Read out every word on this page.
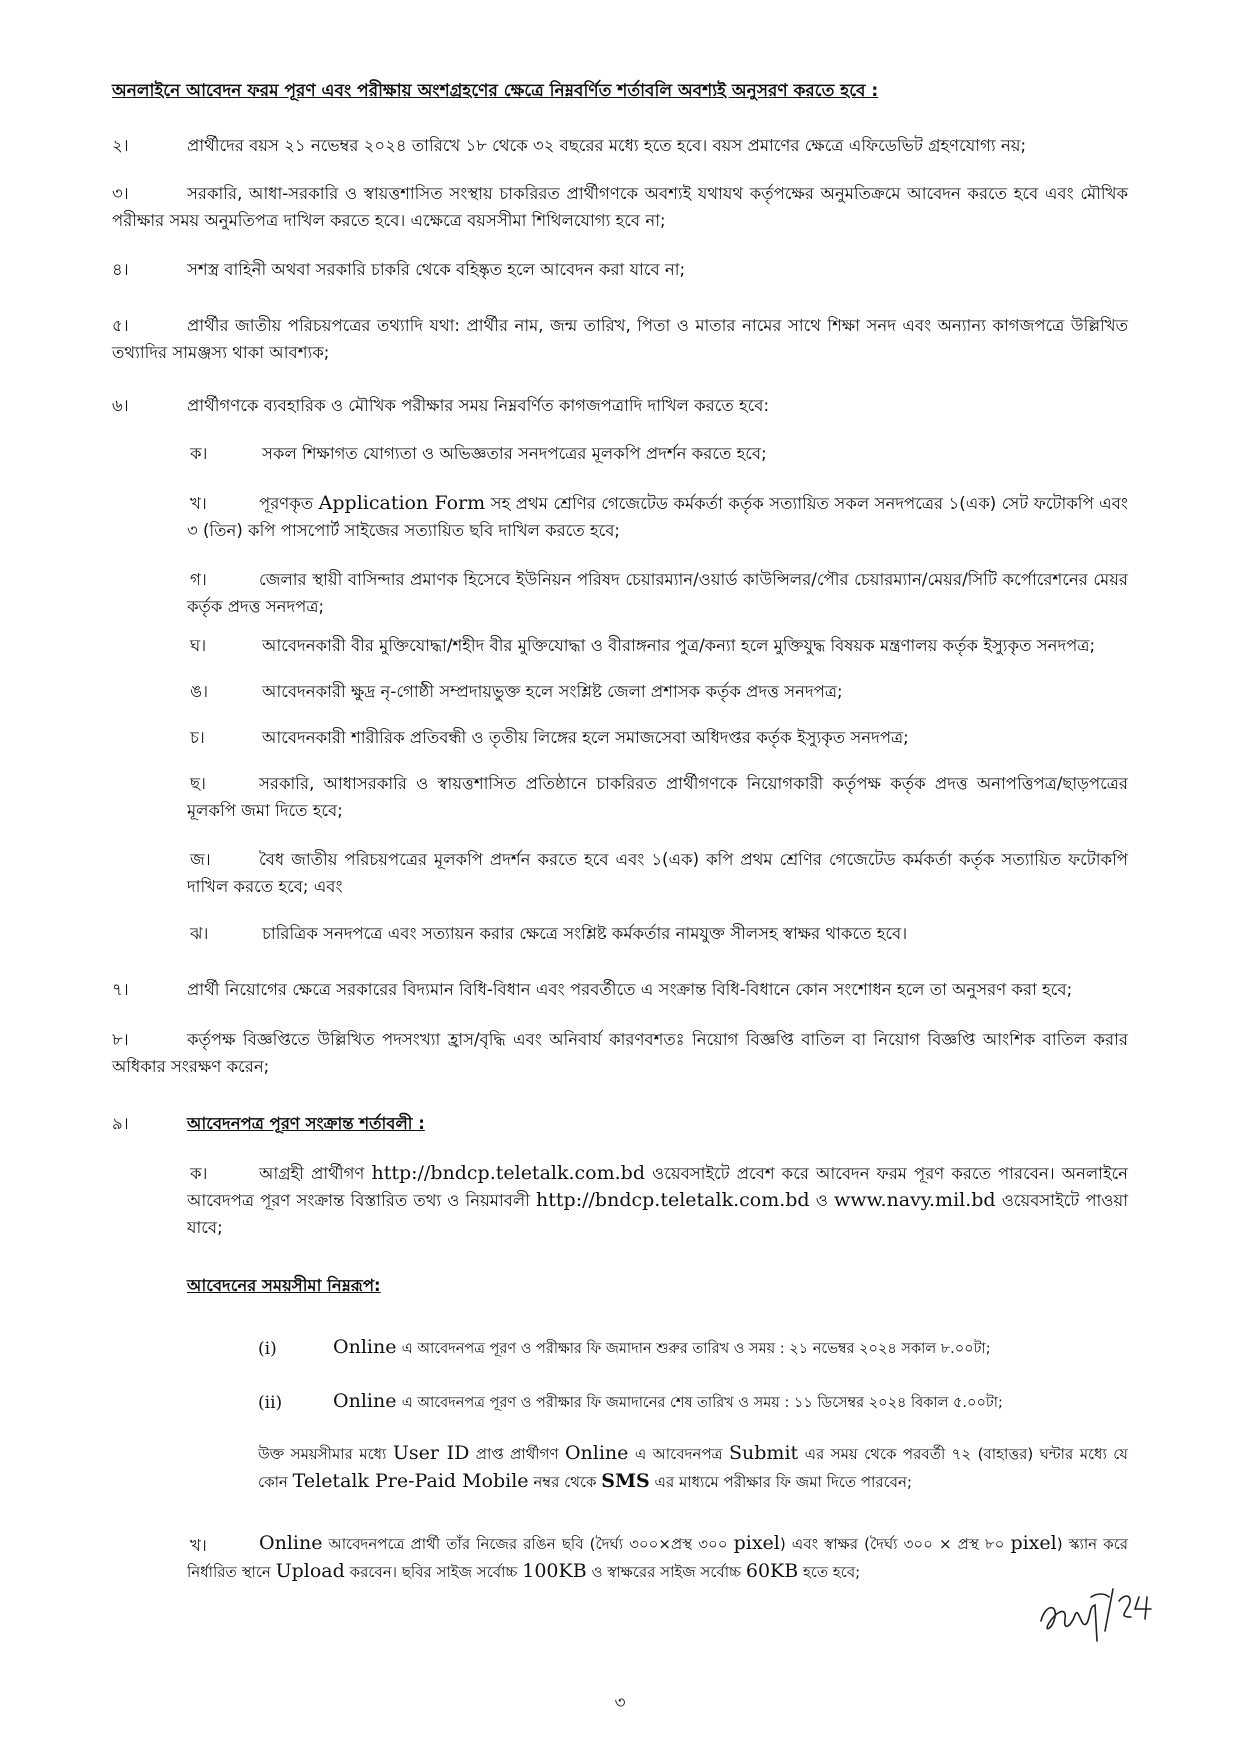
অনলাইনে আবেদন ফরম পূরণ এবং পরীক্ষায় অংশগ্রহণের ক্ষেত্রে নিম্নবর্ণিত শর্তাবলি অবশ্যই অনুসরণ করতে হবে :
২।	প্রার্থীদের বয়স ২১ নভেম্বর ২০২৪ তারিখে ১৮ থেকে ৩২ বছরের মধ্যে হতে হবে। বয়স প্রমাণের ক্ষেত্রে এফিডেভিট গ্রহণযোগ্য নয়;
৩।	সরকারি, আধা-সরকারি ও স্বায়ত্তশাসিত সংস্থায় চাকরিরত প্রার্থীগণকে অবশ্যই যথাযথ কর্তৃপক্ষের অনুমতিক্রমে আবেদন করতে হবে এবং মৌখিক পরীক্ষার সময় অনুমতিপত্র দাখিল করতে হবে। এক্ষেত্রে বয়সসীমা শিথিলযোগ্য হবে না;
৪।	সশস্ত্র বাহিনী অথবা সরকারি চাকরি থেকে বহিষ্কৃত হলে আবেদন করা যাবে না;
৫।	প্রার্থীর জাতীয় পরিচয়পত্রের তথ্যাদি যথা: প্রার্থীর নাম, জন্ম তারিখ, পিতা ও মাতার নামের সাথে শিক্ষা সনদ এবং অন্যান্য কাগজপত্রে উল্লিখিত তথ্যাদির সামঞ্জস্য থাকা আবশ্যক;
৬।	প্রার্থীগণকে ব্যবহারিক ও মৌখিক পরীক্ষার সময় নিম্নবর্ণিত কাগজপত্রাদি দাখিল করতে হবে:
ক।	সকল শিক্ষাগত যোগ্যতা ও অভিজ্ঞতার সনদপত্রের মূলকপি প্রদর্শন করতে হবে;
খ।	পূরণকৃত Application Form সহ প্রথম শ্রেণির গেজেটেড কর্মকর্তা কর্তৃক সত্যায়িত সকল সনদপত্রের ১(এক) সেট ফটোকপি এবং ৩ (তিন) কপি পাসপোর্ট সাইজের সত্যায়িত ছবি দাখিল করতে হবে;
গ।	জেলার স্থায়ী বাসিন্দার প্রমাণক হিসেবে ইউনিয়ন পরিষদ চেয়ারম্যান/ওয়ার্ড কাউন্সিলর/পৌর চেয়ারম্যান/মেয়র/সিটি কর্পোরেশনের মেয়র কর্তৃক প্রদত্ত সনদপত্র;
ঘ।	আবেদনকারী বীর মুক্তিযোদ্ধা/শহীদ বীর মুক্তিযোদ্ধা ও বীরাঙ্গনার পুত্র/কন্যা হলে মুক্তিযুদ্ধ বিষয়ক মন্ত্রণালয় কর্তৃক ইস্যুকৃত সনদপত্র;
ঙ।	আবেদনকারী ক্ষুদ্র নৃ-গোষ্ঠী সম্প্রদায়ভুক্ত হলে সংশ্লিষ্ট জেলা প্রশাসক কর্তৃক প্রদত্ত সনদপত্র;
চ।	আবেদনকারী শারীরিক প্রতিবন্ধী ও তৃতীয় লিঙ্গের হলে সমাজসেবা অধিদপ্তর কর্তৃক ইস্যুকৃত সনদপত্র;
ছ।	সরকারি, আধাসরকারি ও স্বায়ত্তশাসিত প্রতিষ্ঠানে চাকরিরত প্রার্থীগণকে নিয়োগকারী কর্তৃপক্ষ কর্তৃক প্রদত্ত অনাপত্তিপত্র/ছাড়পত্রের মূলকপি জমা দিতে হবে;
জ।	বৈধ জাতীয় পরিচয়পত্রের মূলকপি প্রদর্শন করতে হবে এবং ১(এক) কপি প্রথম শ্রেণির গেজেটেড কর্মকর্তা কর্তৃক সত্যায়িত ফটোকপি দাখিল করতে হবে; এবং
ঝ।	চারিত্রিক সনদপত্রে এবং সত্যায়ন করার ক্ষেত্রে সংশ্লিষ্ট কর্মকর্তার নামযুক্ত সীলসহ স্বাক্ষর থাকতে হবে।
৭।	প্রার্থী নিয়োগের ক্ষেত্রে সরকারের বিদ্যমান বিধি-বিধান এবং পরবর্তীতে এ সংক্রান্ত বিধি-বিধানে কোন সংশোধন হলে তা অনুসরণ করা হবে;
৮।	কর্তৃপক্ষ বিজ্ঞপ্তিতে উল্লিখিত পদসংখ্যা হ্রাস/বৃদ্ধি এবং অনিবার্য কারণবশতঃ নিয়োগ বিজ্ঞপ্তি বাতিল বা নিয়োগ বিজ্ঞপ্তি আংশিক বাতিল করার অধিকার সংরক্ষণ করেন;
৯।	আবেদনপত্র পূরণ সংক্রান্ত শর্তাবলী :
ক।	আগ্রহী প্রার্থীগণ http://bndcp.teletalk.com.bd ওয়েবসাইটে প্রবেশ করে আবেদন ফরম পূরণ করতে পারবেন। অনলাইনে আবেদপত্র পূরণ সংক্রান্ত বিস্তারিত তথ্য ও নিয়মাবলী http://bndcp.teletalk.com.bd ও www.navy.mil.bd ওয়েবসাইটে পাওয়া যাবে;
আবেদনের সময়সীমা নিম্নরূপ:
(i)	Online এ আবেদনপত্র পূরণ ও পরীক্ষার ফি জমাদান শুরুর তারিখ ও সময় : ২১ নভেম্বর ২০২৪ সকাল ৮.০০টা;
(ii)	Online এ আবেদনপত্র পূরণ ও পরীক্ষার ফি জমাদানের শেষ তারিখ ও সময় : ১১ ডিসেম্বর ২০২৪ বিকাল ৫.০০টা;
উক্ত সময়সীমার মধ্যে User ID প্রাপ্ত প্রার্থীগণ Online এ আবেদনপত্র Submit এর সময় থেকে পরবর্তী ৭২ (বাহাত্তর) ঘন্টার মধ্যে যে কোন Teletalk Pre-Paid Mobile নম্বর থেকে SMS এর মাধ্যমে পরীক্ষার ফি জমা দিতে পারবেন;
খ।	Online আবেদনপত্রে প্রার্থী তাঁর নিজের রঙিন ছবি (দৈর্ঘ্য ৩০০×প্রস্থ ৩০০ pixel) এবং স্বাক্ষর (দৈর্ঘ্য ৩০০ × প্রস্থ ৮০ pixel) স্ক্যান করে নির্ধারিত স্থানে Upload করবেন। ছবির সাইজ সর্বোচ্চ 100KB ও স্বাক্ষরের সাইজ সর্বোচ্চ 60KB হতে হবে;
৩
